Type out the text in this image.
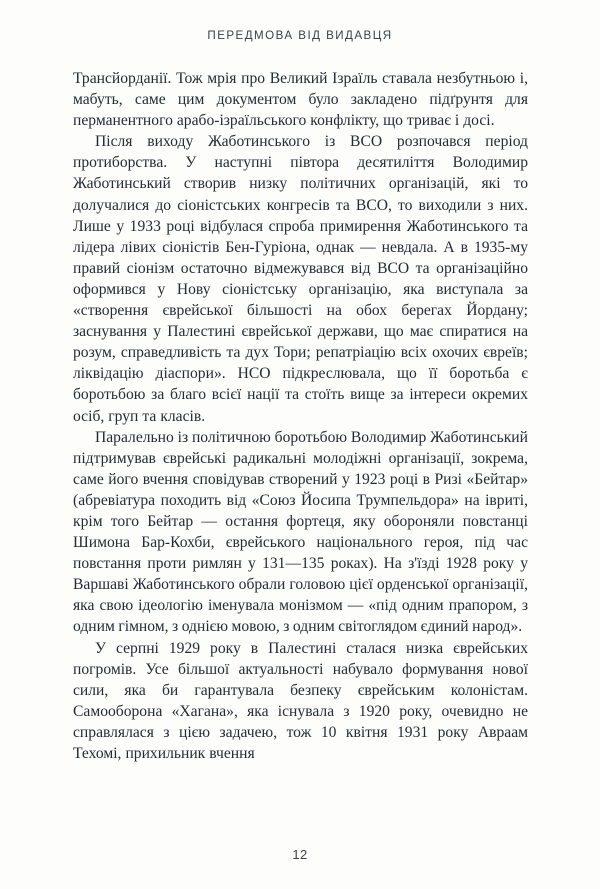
ПЕРЕДМОВА ВІД ВИДАВЦЯ

Трансйорданії. Тож мрія про Великий Ізраїль ставала незбутньою і, мабуть, саме цим документом було закладено підґрунтя для перманентного арабо-ізраїльського конфлікту, що триває і досі.

Після виходу Жаботинського із ВСО розпочався період протиборства. У наступні півтора десятиліття Володимир Жаботинський створив низку політичних організацій, які то долучалися до сіоністських конгресів та ВСО, то виходили з них. Лише у 1933 році відбулася спроба примирення Жаботинського та лідера лівих сіоністів Бен-Гуріона, однак — невдала. А в 1935-му правий сіонізм остаточно відмежувався від ВСО та організаційно оформився у Нову сіоністську організацію, яка виступала за «створення єврейської більшості на обох берегах Йордану; заснування у Палестині єврейської держави, що має спиратися на розум, справедливість та дух Тори; репатріацію всіх охочих євреїв; ліквідацію діаспори». НСО підкреслювала, що її боротьба є боротьбою за благо всієї нації та стоїть вище за інтереси окремих осіб, груп та класів.

Паралельно із політичною боротьбою Володимир Жаботинський підтримував єврейські радикальні молодіжні організації, зокрема, саме його вчення сповідував створений у 1923 році в Ризі «Бейтар» (абревіатура походить від «Союз Йосипа Трумпельдора» на івриті, крім того Бейтар — остання фортеця, яку обороняли повстанці Шимона Бар-Кохби, єврейського національного героя, під час повстання проти римлян у 131—135 роках). На з'їзді 1928 року у Варшаві Жаботинського обрали головою цієї орденської організації, яка свою ідеологію іменувала монізмом — «під одним прапором, з одним гімном, з однією мовою, з одним світоглядом єдиний народ».

У серпні 1929 року в Палестині сталася низка єврейських погромів. Усе більшої актуальності набувало формування нової сили, яка би гарантувала безпеку єврейським колоністам. Самооборона «Хагана», яка існувала з 1920 року, очевидно не справлялася з цією задачею, тож 10 квітня 1931 року Авраам Техомі, прихильник вчення

12
